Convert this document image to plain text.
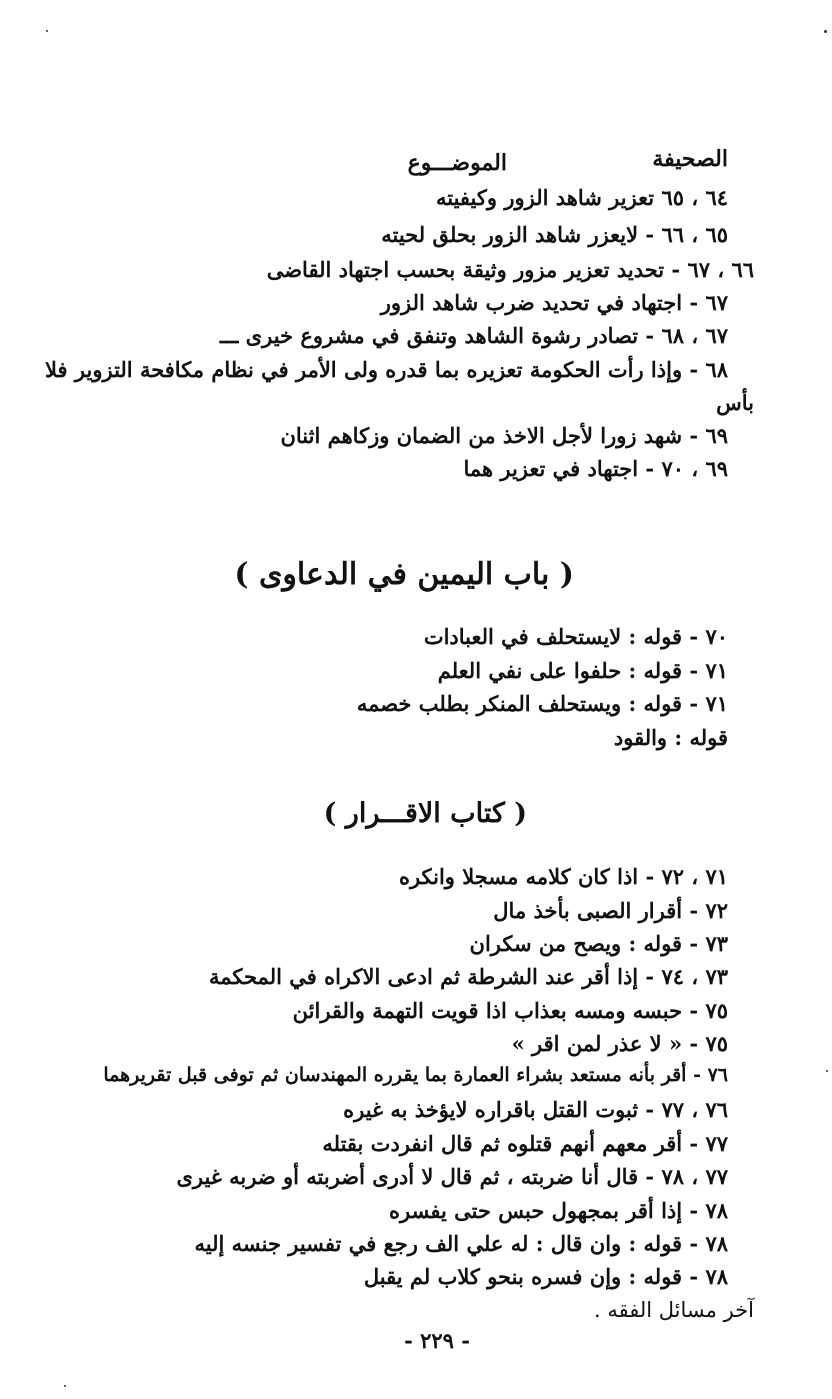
الصحيفة
الموضـــوع
٦٤ ، ٦٥ تعزير شاهد الزور وكيفيته
٦٥ ، ٦٦ - لايعزر شاهد الزور بحلق لحيته
٦٦ ، ٦٧ - تحديد تعزير مزور وثيقة بحسب اجتهاد القاضى
٦٧ - اجتهاد في تحديد ضرب شاهد الزور
٦٧ ، ٦٨ - تصادر رشوة الشاهد وتنفق في مشروع خيرى ـــ
٦٨ - وإذا رأت الحكومة تعزيره بما قدره ولى الأمر في نظام مكافحة التزوير فلا
بأس
٦٩ - شهد زورا لأجل الاخذ من الضمان وزكاهم اثنان
٦٩ ، ٧٠ - اجتهاد في تعزير هما
( باب اليمين في الدعاوى )
٧٠ - قوله : لايستحلف في العبادات
٧١ - قوله : حلفوا على نفي العلم
٧١ - قوله : ويستحلف المنكر بطلب خصمه
قوله : والقود
( كتاب الاقـــرار )
٧١ ، ٧٢ - اذا كان كلامه مسجلا وانكره
٧٢ - أقرار الصبى بأخذ مال
٧٣ - قوله : ويصح من سكران
٧٣ ، ٧٤ - إذا أقر عند الشرطة ثم ادعى الاكراه في المحكمة
٧٥ - حبسه ومسه بعذاب اذا قويت التهمة والقرائن
٧٥ - « لا عذر لمن اقر »
٧٦ - أقر بأنه مستعد بشراء العمارة بما يقرره المهندسان ثم توفى قبل تقريرهما
٧٦ ، ٧٧ - ثبوت القتل باقراره لايؤخذ به غيره
٧٧ - أقر معهم أنهم قتلوه ثم قال انفردت بقتله
٧٧ ، ٧٨ - قال أنا ضربته ، ثم قال لا أدرى أضربته أو ضربه غيرى
٧٨ - إذا أقر بمجهول حبس حتى يفسره
٧٨ - قوله : وان قال : له علي الف رجع في تفسير جنسه إليه
٧٨ - قوله : وإن فسره بنحو كلاب لم يقبل
آخر مسائل الفقه .
- ٢٢٩ -
